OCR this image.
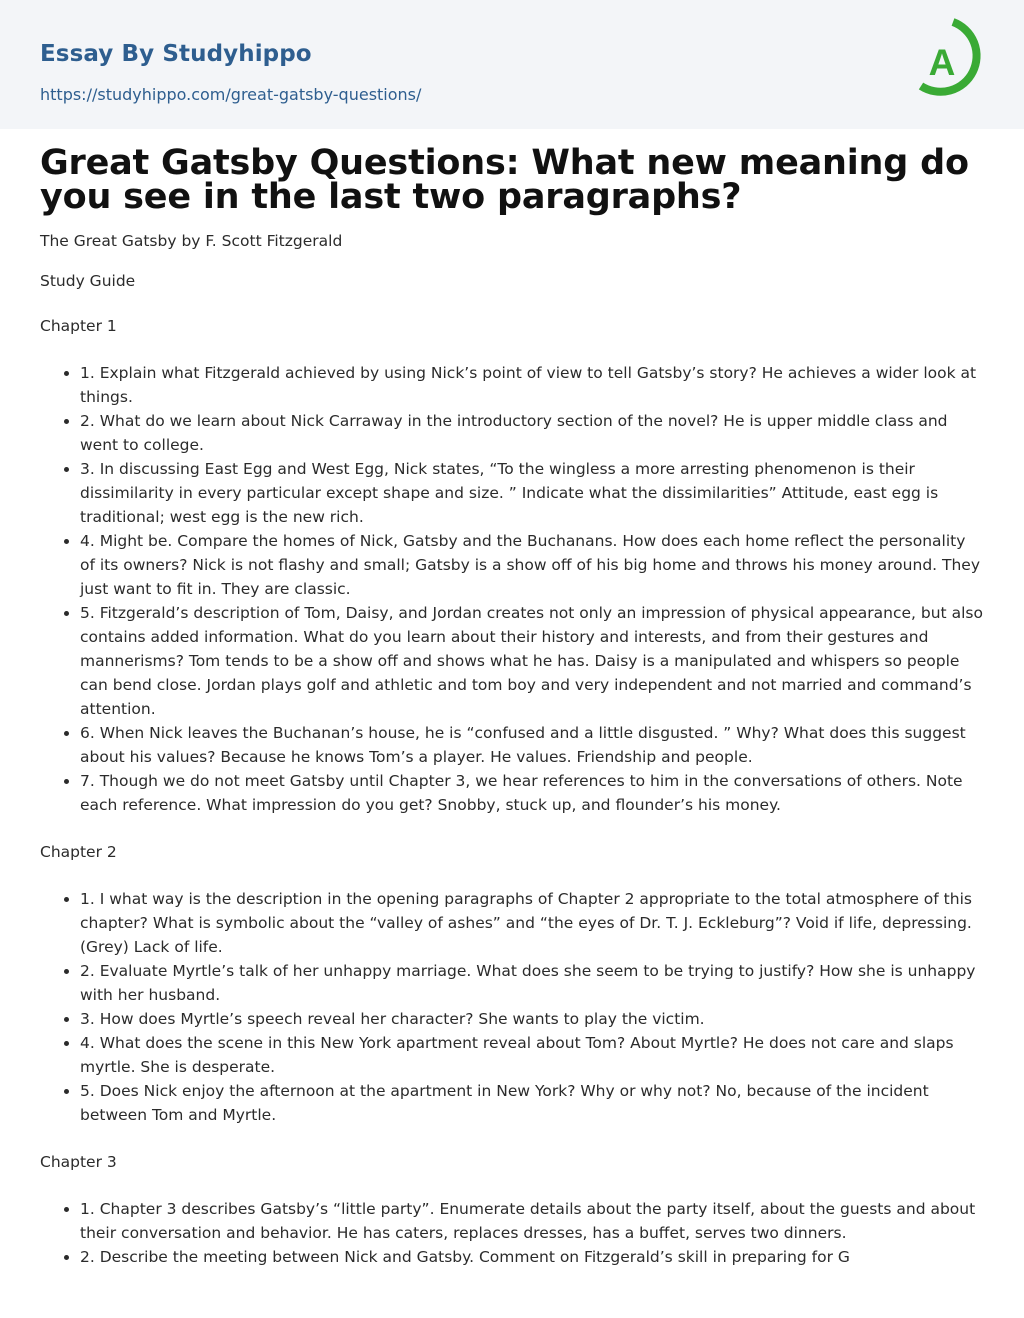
Essay By Studyhippo

https://studyhippo.com/great-gatsby-questions/
A
Great Gatsby Questions: What new meaning do you see in the last two paragraphs?

The Great Gatsby by F. Scott Fitzgerald

Study Guide

Chapter 1

• 1. Explain what Fitzgerald achieved by using Nick’s point of view to tell Gatsby’s story? He achieves a wider look at things.
• 2. What do we learn about Nick Carraway in the introductory section of the novel? He is upper middle class and went to college.
• 3. In discussing East Egg and West Egg, Nick states, “To the wingless a more arresting phenomenon is their dissimilarity in every particular except shape and size. ” Indicate what the dissimilarities” Attitude, east egg is traditional; west egg is the new rich.
• 4. Might be. Compare the homes of Nick, Gatsby and the Buchanans. How does each home reflect the personality of its owners? Nick is not flashy and small; Gatsby is a show off of his big home and throws his money around. They just want to fit in. They are classic.
• 5. Fitzgerald’s description of Tom, Daisy, and Jordan creates not only an impression of physical appearance, but also contains added information. What do you learn about their history and interests, and from their gestures and mannerisms? Tom tends to be a show off and shows what he has. Daisy is a manipulated and whispers so people can bend close. Jordan plays golf and athletic and tom boy and very independent and not married and command’s attention.
• 6. When Nick leaves the Buchanan’s house, he is “confused and a little disgusted. ” Why? What does this suggest about his values? Because he knows Tom’s a player. He values. Friendship and people.
• 7. Though we do not meet Gatsby until Chapter 3, we hear references to him in the conversations of others. Note each reference. What impression do you get? Snobby, stuck up, and flounder’s his money.

Chapter 2

• 1. I what way is the description in the opening paragraphs of Chapter 2 appropriate to the total atmosphere of this chapter? What is symbolic about the “valley of ashes” and “the eyes of Dr. T. J. Eckleburg”? Void if life, depressing. (Grey) Lack of life.
• 2. Evaluate Myrtle’s talk of her unhappy marriage. What does she seem to be trying to justify? How she is unhappy with her husband.
• 3. How does Myrtle’s speech reveal her character? She wants to play the victim.
• 4. What does the scene in this New York apartment reveal about Tom? About Myrtle? He does not care and slaps myrtle. She is desperate.
• 5. Does Nick enjoy the afternoon at the apartment in New York? Why or why not? No, because of the incident between Tom and Myrtle.

Chapter 3

• 1. Chapter 3 describes Gatsby’s “little party”. Enumerate details about the party itself, about the guests and about their conversation and behavior. He has caters, replaces dresses, has a buffet, serves two dinners.
• 2. Describe the meeting between Nick and Gatsby. Comment on Fitzgerald’s skill in preparing for G
